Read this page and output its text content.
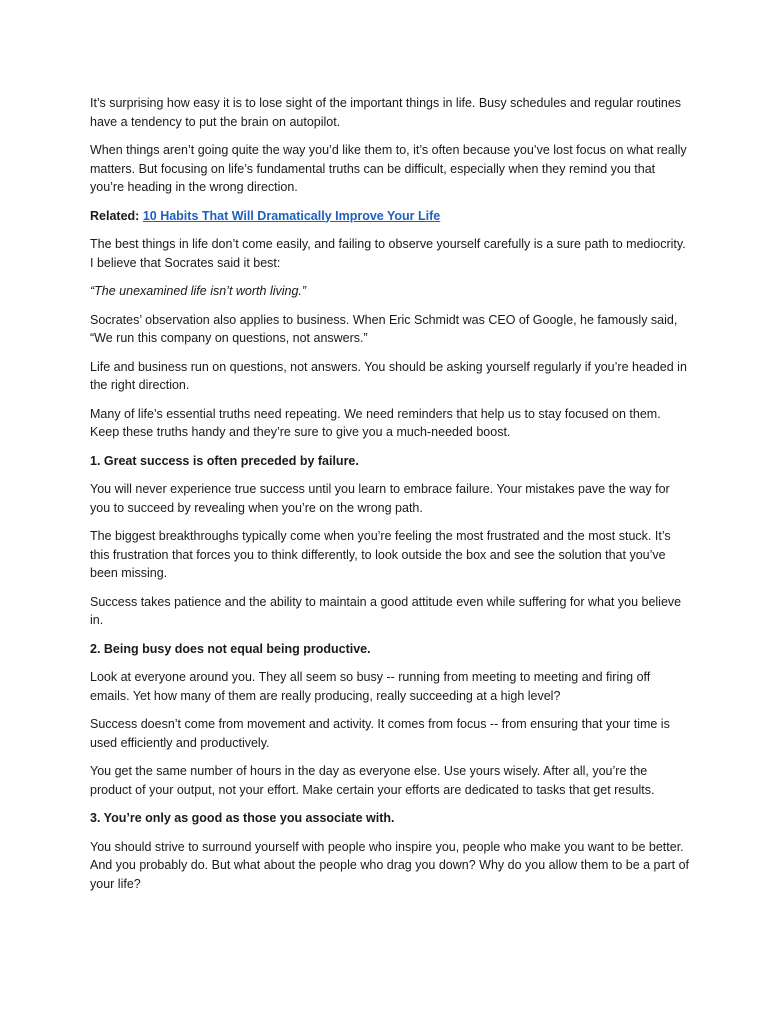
It’s surprising how easy it is to lose sight of the important things in life. Busy schedules and regular routines have a tendency to put the brain on autopilot.

When things aren’t going quite the way you’d like them to, it’s often because you’ve lost focus on what really matters. But focusing on life’s fundamental truths can be difficult, especially when they remind you that you’re heading in the wrong direction.

Related: 10 Habits That Will Dramatically Improve Your Life

The best things in life don’t come easily, and failing to observe yourself carefully is a sure path to mediocrity. I believe that Socrates said it best:

“The unexamined life isn’t worth living.”

Socrates’ observation also applies to business. When Eric Schmidt was CEO of Google, he famously said, “We run this company on questions, not answers.”

Life and business run on questions, not answers. You should be asking yourself regularly if you’re headed in the right direction.

Many of life’s essential truths need repeating. We need reminders that help us to stay focused on them. Keep these truths handy and they’re sure to give you a much-needed boost.

1. Great success is often preceded by failure.

You will never experience true success until you learn to embrace failure. Your mistakes pave the way for you to succeed by revealing when you’re on the wrong path.

The biggest breakthroughs typically come when you’re feeling the most frustrated and the most stuck. It’s this frustration that forces you to think differently, to look outside the box and see the solution that you’ve been missing.

Success takes patience and the ability to maintain a good attitude even while suffering for what you believe in.

2. Being busy does not equal being productive.

Look at everyone around you. They all seem so busy -- running from meeting to meeting and firing off emails. Yet how many of them are really producing, really succeeding at a high level?

Success doesn’t come from movement and activity. It comes from focus -- from ensuring that your time is used efficiently and productively.

You get the same number of hours in the day as everyone else. Use yours wisely. After all, you’re the product of your output, not your effort. Make certain your efforts are dedicated to tasks that get results.

3. You’re only as good as those you associate with.

You should strive to surround yourself with people who inspire you, people who make you want to be better. And you probably do. But what about the people who drag you down? Why do you allow them to be a part of your life?
